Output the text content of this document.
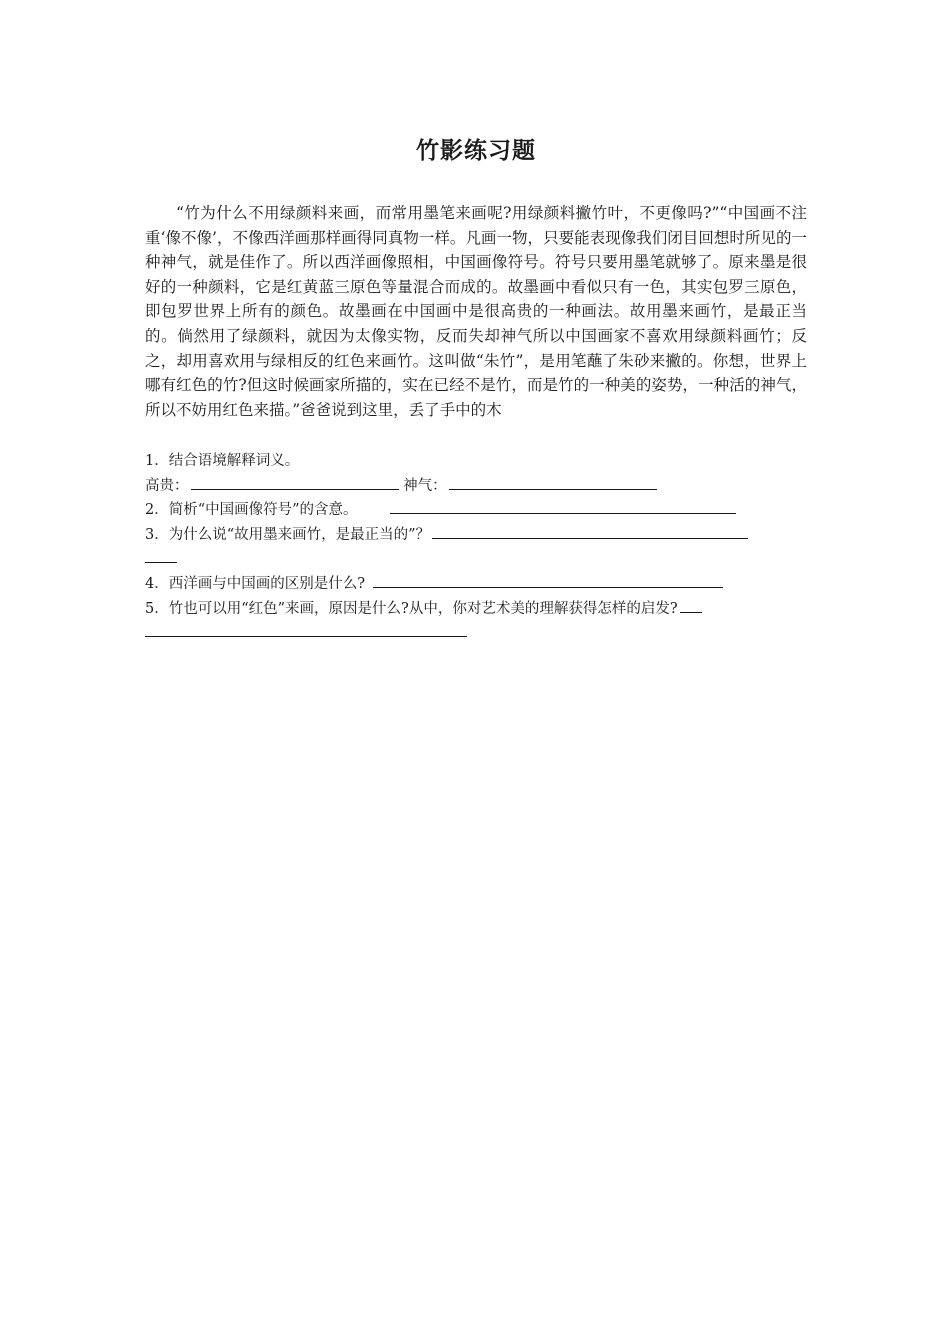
竹影练习题

“竹为什么不用绿颜料来画，而常用墨笔来画呢?用绿颜料撇竹叶，不更像吗?”“中国画不注重‘像不像’，不像西洋画那样画得同真物一样。凡画一物，只要能表现像我们闭目回想时所见的一种神气，就是佳作了。所以西洋画像照相，中国画像符号。符号只要用墨笔就够了。原来墨是很好的一种颜料，它是红黄蓝三原色等量混合而成的。故墨画中看似只有一色，其实包罗三原色，即包罗世界上所有的颜色。故墨画在中国画中是很高贵的一种画法。故用墨来画竹，是最正当的。倘然用了绿颜料，就因为太像实物，反而失却神气所以中国画家不喜欢用绿颜料画竹；反之，却用喜欢用与绿相反的红色来画竹。这叫做“朱竹”，是用笔蘸了朱砂来撇的。你想，世界上哪有红色的竹?但这时候画家所描的，实在已经不是竹，而是竹的一种美的姿势，一种活的神气，所以不妨用红色来描。”爸爸说到这里，丢了手中的木

1．结合语境解释词义。
高贵：	神气：
2．简析“中国画像符号”的含意。
3．为什么说“故用墨来画竹，是最正当的”？
4．西洋画与中国画的区别是什么?
5．竹也可以用“红色”来画，原因是什么?从中，你对艺术美的理解获得怎样的启发?
